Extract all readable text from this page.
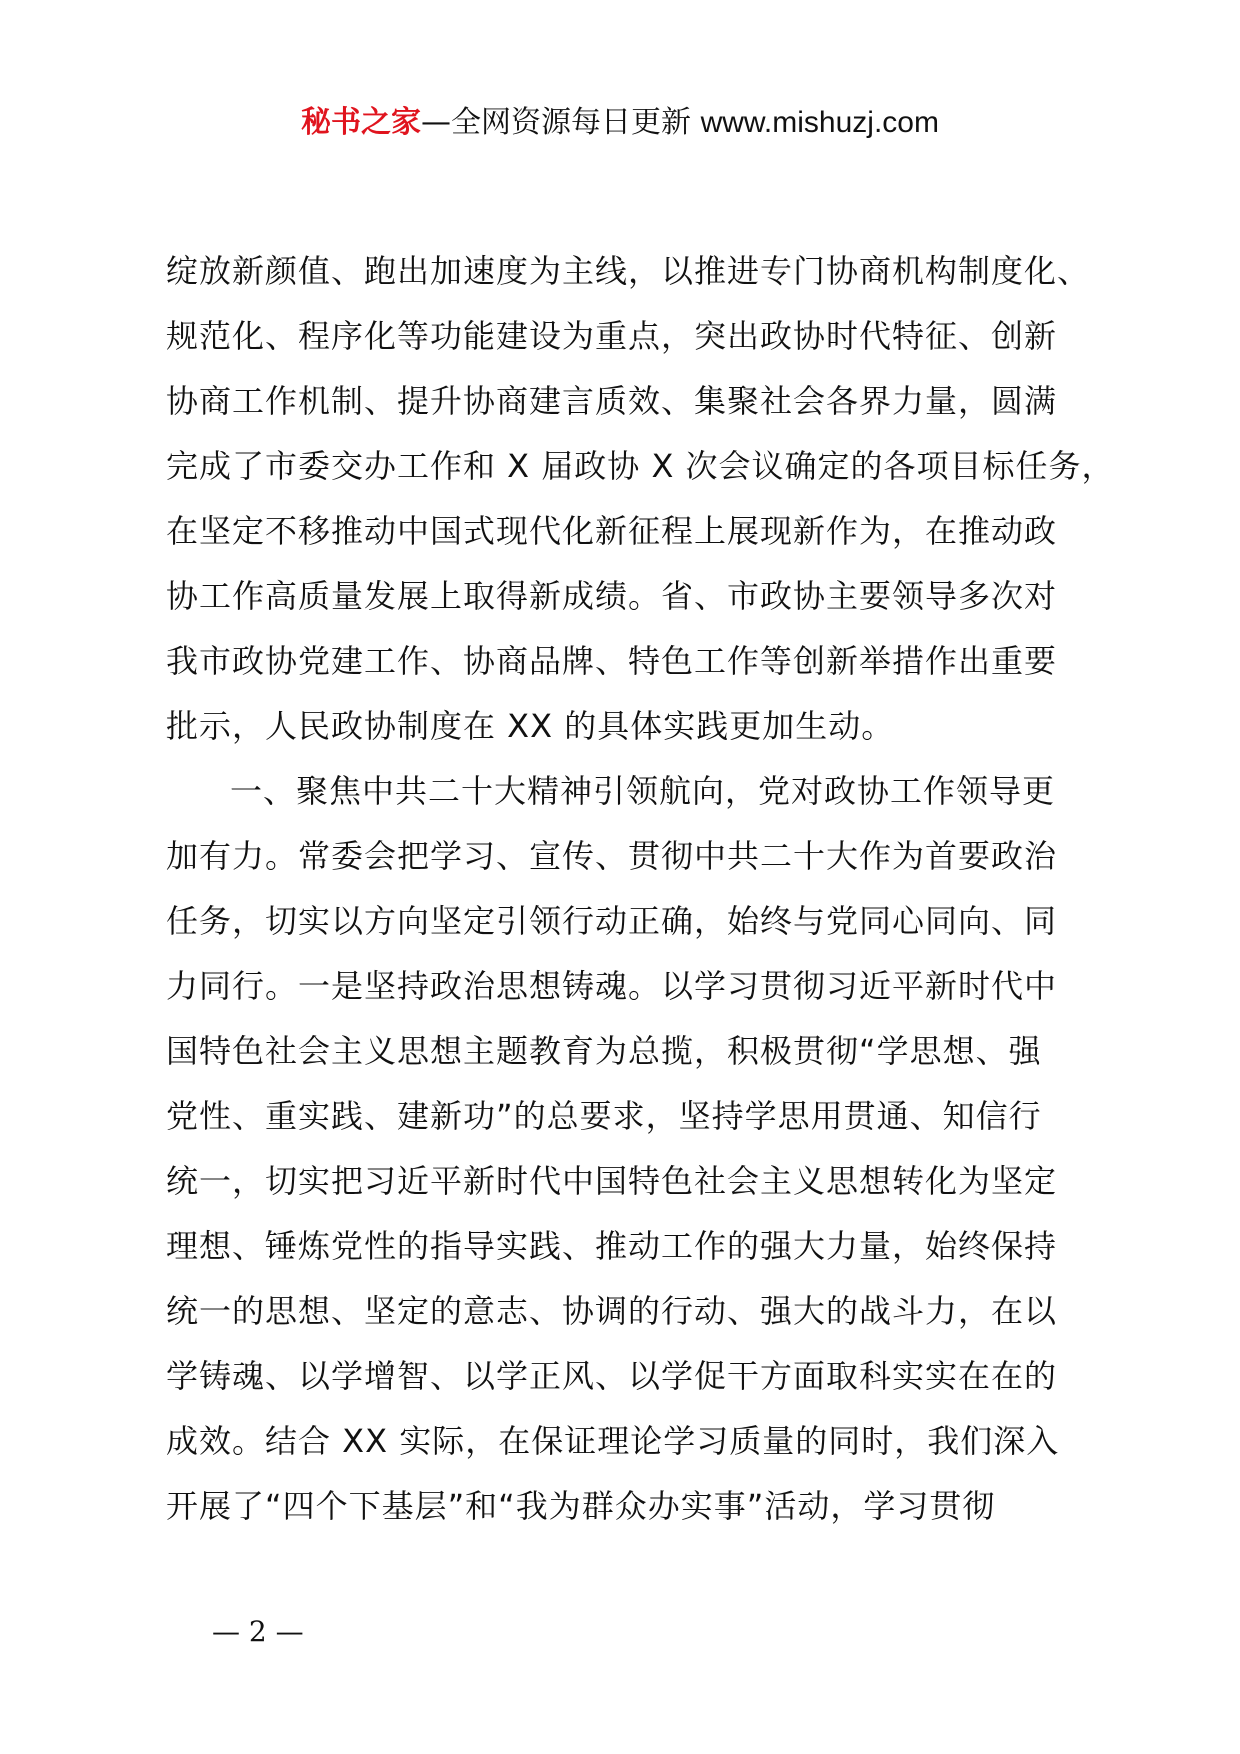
秘书之家—全网资源每日更新 www.mishuzj.com
绽放新颜值、跑出加速度为主线，以推进专门协商机构制度化、
规范化、程序化等功能建设为重点，突出政协时代特征、创新
协商工作机制、提升协商建言质效、集聚社会各界力量，圆满
完成了市委交办工作和 X 届政协 X 次会议确定的各项目标任务，
在坚定不移推动中国式现代化新征程上展现新作为，在推动政
协工作高质量发展上取得新成绩。省、市政协主要领导多次对
我市政协党建工作、协商品牌、特色工作等创新举措作出重要
批示，人民政协制度在 XX 的具体实践更加生动。
一、聚焦中共二十大精神引领航向，党对政协工作领导更
加有力。常委会把学习、宣传、贯彻中共二十大作为首要政治
任务，切实以方向坚定引领行动正确，始终与党同心同向、同
力同行。一是坚持政治思想铸魂。以学习贯彻习近平新时代中
国特色社会主义思想主题教育为总揽，积极贯彻“学思想、强
党性、重实践、建新功”的总要求，坚持学思用贯通、知信行
统一，切实把习近平新时代中国特色社会主义思想转化为坚定
理想、锤炼党性的指导实践、推动工作的强大力量，始终保持
统一的思想、坚定的意志、协调的行动、强大的战斗力，在以
学铸魂、以学增智、以学正风、以学促干方面取科实实在在的
成效。结合 XX 实际，在保证理论学习质量的同时，我们深入
开展了“四个下基层”和“我为群众办实事”活动，学习贯彻
— 2 —
